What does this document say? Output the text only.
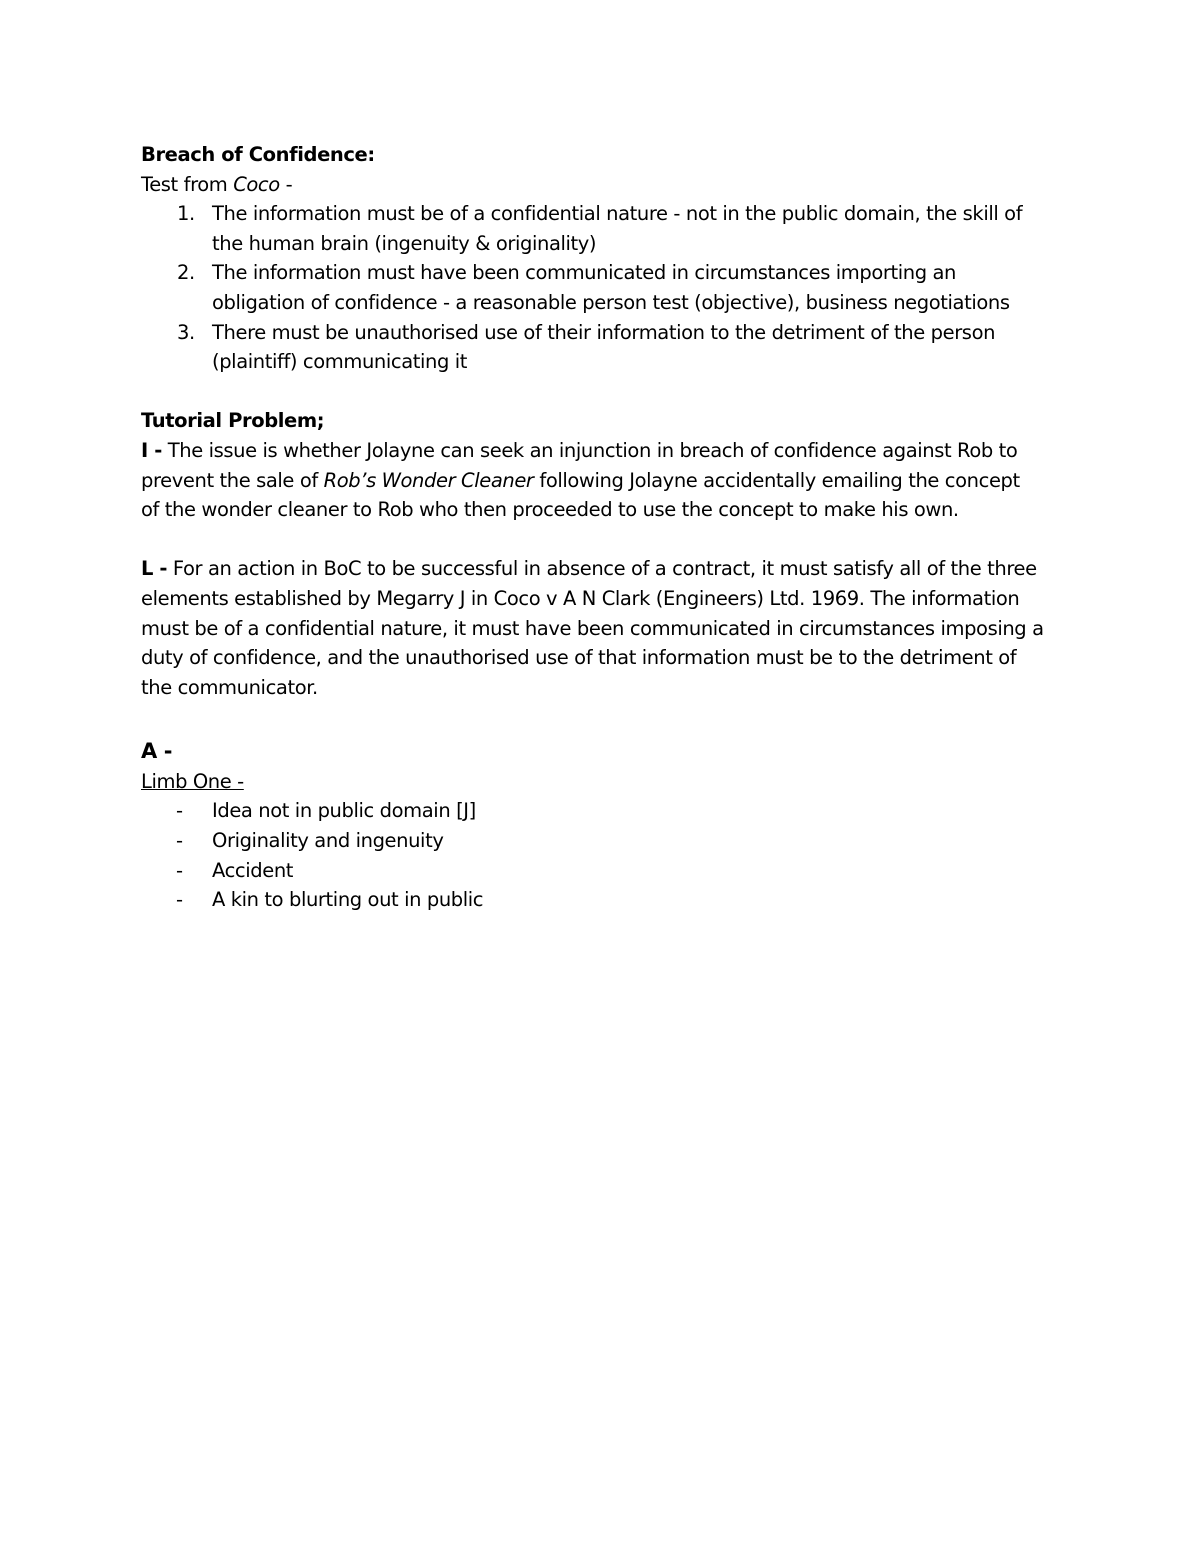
Breach of Confidence:

Test from Coco -

1. The information must be of a confidential nature - not in the public domain, the skill of
the human brain (ingenuity & originality)
2. The information must have been communicated in circumstances importing an
obligation of confidence - a reasonable person test (objective), business negotiations
3. There must be unauthorised use of their information to the detriment of the person
(plaintiff) communicating it

Tutorial Problem;

I - The issue is whether Jolayne can seek an injunction in breach of confidence against Rob to

prevent the sale of Rob’s Wonder Cleaner following Jolayne accidentally emailing the concept

of the wonder cleaner to Rob who then proceeded to use the concept to make his own.

L - For an action in BoC to be successful in absence of a contract, it must satisfy all of the three

elements established by Megarry J in Coco v A N Clark (Engineers) Ltd. 1969. The information

must be of a confidential nature, it must have been communicated in circumstances imposing a

duty of confidence, and the unauthorised use of that information must be to the detriment of

the communicator.

A -

Limb One -

- Idea not in public domain [J]
- Originality and ingenuity
- Accident
- A kin to blurting out in public
